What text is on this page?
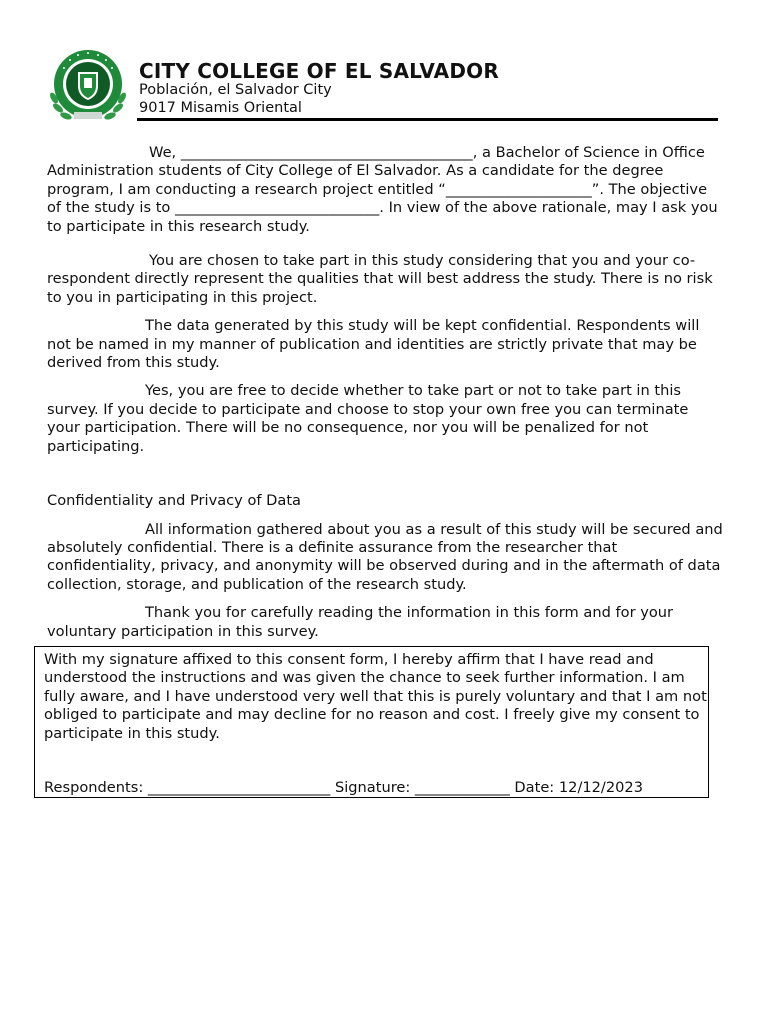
CITY COLLEGE OF EL SALVADOR
Población, el Salvador City
9017 Misamis Oriental

We, ________________________________________, a Bachelor of Science in Office Administration students of City College of El Salvador. As a candidate for the degree program, I am conducting a research project entitled “____________________”. The objective of the study is to ____________________________. In view of the above rationale, may I ask you to participate in this research study.

You are chosen to take part in this study considering that you and your co-respondent directly represent the qualities that will best address the study. There is no risk to you in participating in this project.

The data generated by this study will be kept confidential. Respondents will not be named in my manner of publication and identities are strictly private that may be derived from this study.

Yes, you are free to decide whether to take part or not to take part in this survey. If you decide to participate and choose to stop your own free you can terminate your participation. There will be no consequence, nor you will be penalized for not participating.

Confidentiality and Privacy of Data

All information gathered about you as a result of this study will be secured and absolutely confidential. There is a definite assurance from the researcher that confidentiality, privacy, and anonymity will be observed during and in the aftermath of data collection, storage, and publication of the research study.

Thank you for carefully reading the information in this form and for your voluntary participation in this survey.

With my signature affixed to this consent form, I hereby affirm that I have read and understood the instructions and was given the chance to seek further information. I am fully aware, and I have understood very well that this is purely voluntary and that I am not obliged to participate and may decline for no reason and cost. I freely give my consent to participate in this study.

Respondents: _________________________ Signature: _____________ Date: 12/12/2023
